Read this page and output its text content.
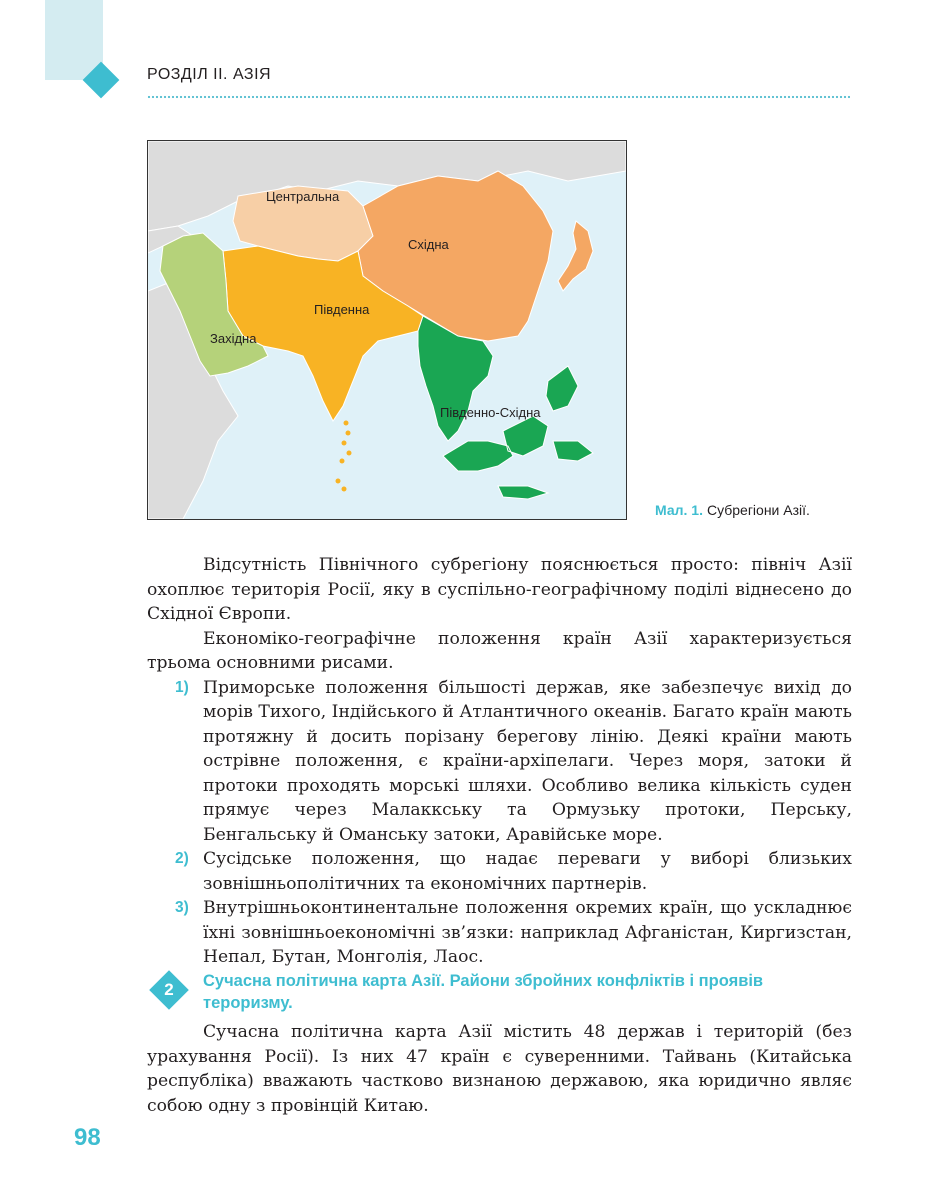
РОЗДІЛ ІІ. АЗІЯ
Центральна
Східна
Південна
Західна
Південно-Східна
Мал. 1. Субрегіони Азії.

Відсутність Північного субрегіону пояснюється просто: північ Азії охоплює територія Росії, яку в суспільно-географічному поділі віднесено до Східної Європи.

Економіко-географічне положення країн Азії характеризується трьома основними рисами.

1) Приморське положення більшості держав, яке забезпечує вихід до морів Тихого, Індійського й Атлантичного океанів. Багато країн мають протяжну й досить порізану берегову лінію. Деякі країни мають острівне положення, є країни-архіпелаги. Через моря, затоки й протоки проходять морські шляхи. Особливо велика кількість суден прямує через Малаккську та Ормузьку протоки, Перську, Бенгальську й Оманську затоки, Аравійське море.
2) Сусідське положення, що надає переваги у виборі близьких зовнішньополітичних та економічних партнерів.
3) Внутрішньоконтинентальне положення окремих країн, що ускладнює їхні зовнішньоекономічні зв’язки: наприклад Афганістан, Киргизстан, Непал, Бутан, Монголія, Лаос.
2	Сучасна політична карта Азії. Райони збройних конфліктів і проявів тероризму.

Сучасна політична карта Азії містить 48 держав і територій (без урахування Росії). Із них 47 країн є суверенними. Тайвань (Китайська республіка) вважають частково визнаною державою, яка юридично являє собою одну з провінцій Китаю.

98
